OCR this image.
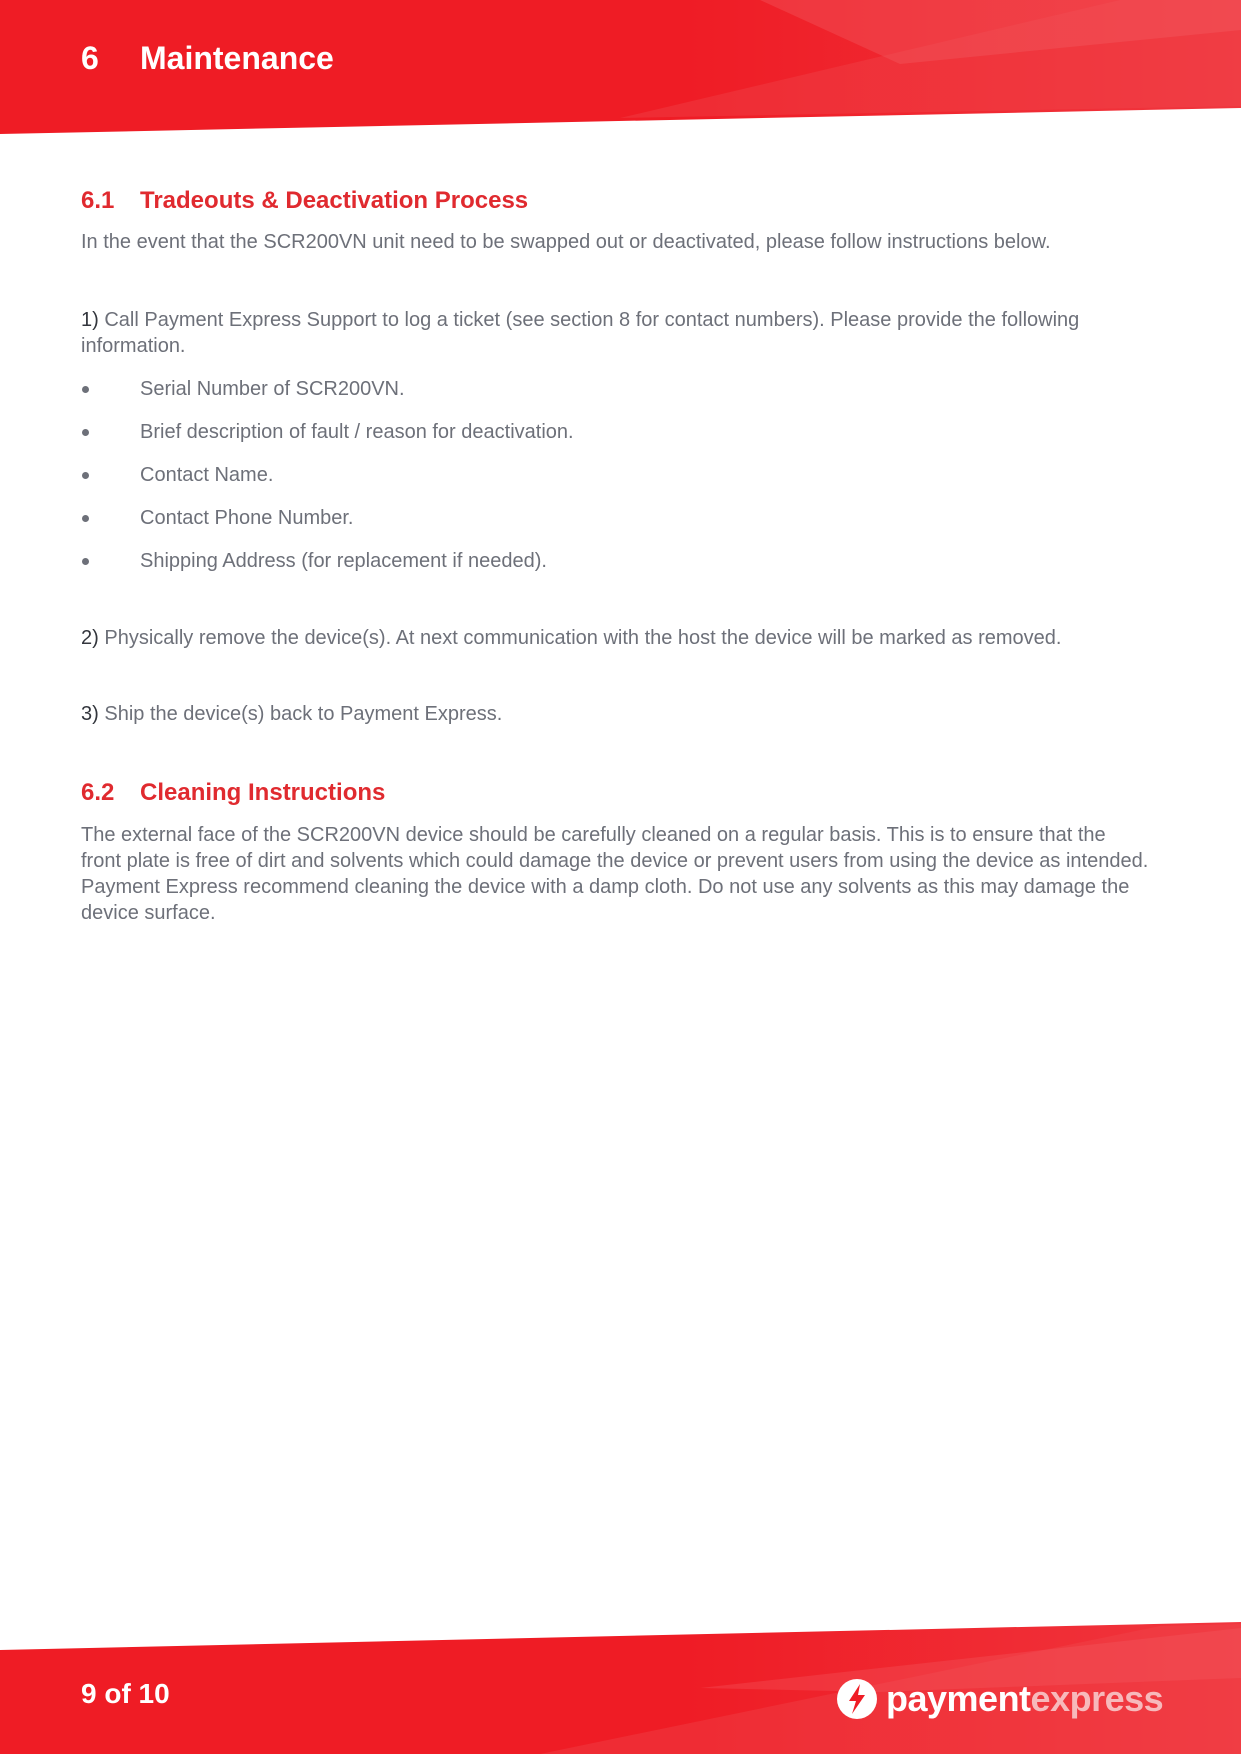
6 Maintenance
6.1 Tradeouts & Deactivation Process

In the event that the SCR200VN unit need to be swapped out or deactivated, please follow instructions below.

1) Call Payment Express Support to log a ticket (see section 8 for contact numbers). Please provide the following information.

Serial Number of SCR200VN.
Brief description of fault / reason for deactivation.
Contact Name.
Contact Phone Number.
Shipping Address (for replacement if needed).

2) Physically remove the device(s). At next communication with the host the device will be marked as removed.

3) Ship the device(s) back to Payment Express.

6.2 Cleaning Instructions

The external face of the SCR200VN device should be carefully cleaned on a regular basis. This is to ensure that the front plate is free of dirt and solvents which could damage the device or prevent users from using the device as intended. Payment Express recommend cleaning the device with a damp cloth. Do not use any solvents as this may damage the device surface.

9 of 10	paymentexpress
